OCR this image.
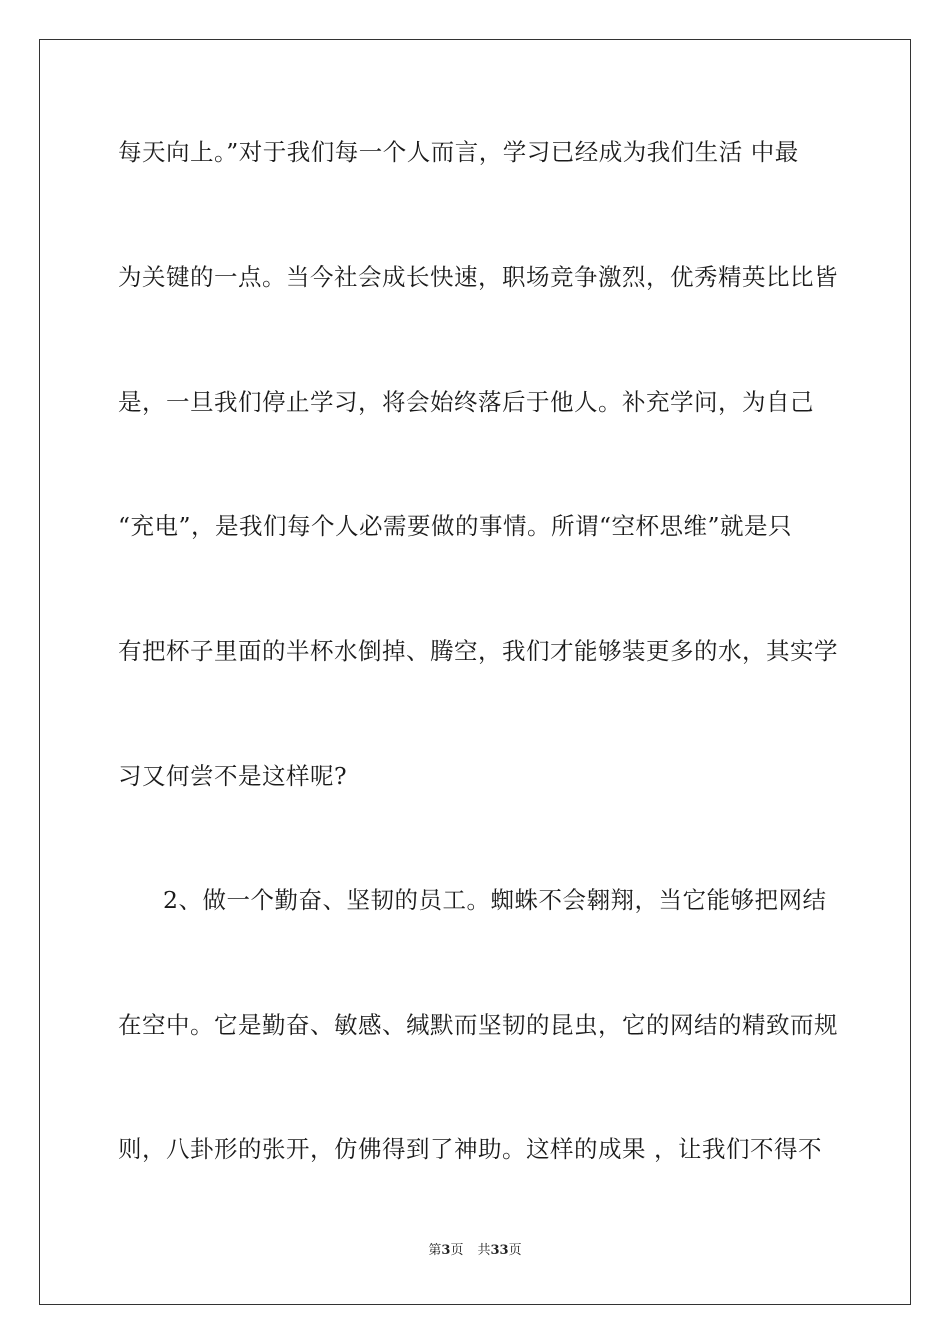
每天向上。”对于我们每一个人而言，学习已经成为我们生活 中最
为关键的一点。当今社会成长快速，职场竞争激烈，优秀精英比比皆
是，一旦我们停止学习，将会始终落后于他人。补充学问，为自己
“充电”，是我们每个人必需要做的事情。所谓“空杯思维”就是只
有把杯子里面的半杯水倒掉、腾空，我们才能够装更多的水，其实学
习又何尝不是这样呢?
2、做一个勤奋、坚韧的员工。蜘蛛不会翱翔，当它能够把网结
在空中。它是勤奋、敏感、缄默而坚韧的昆虫，它的网结的精致而规
则，八卦形的张开，仿佛得到了神助。这样的成果 ，让我们不得不
第3页 共33页
